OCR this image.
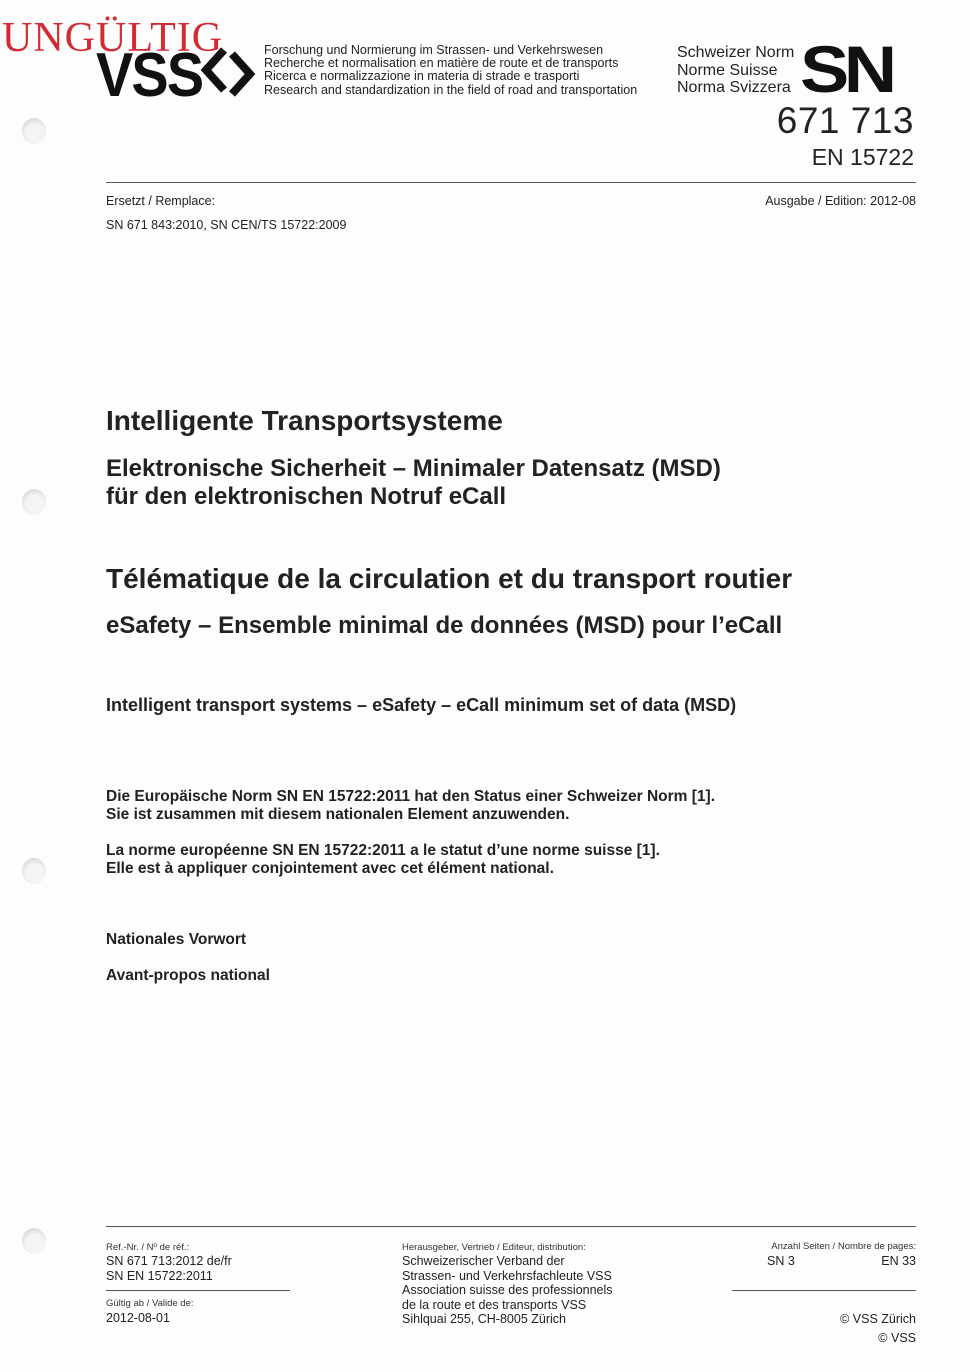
UNGÜLTIG
VSS	Forschung und Normierung im Strassen- und Verkehrswesen
Recherche et normalisation en matière de route et de transports
Ricerca e normalizzazione in materia di strade e trasporti
Research and standardization in the field of road and transportation
Schweizer Norm
Norme Suisse
Norma Svizzera SN
671 713
EN 15722
Ersetzt / Remplace:
SN 671 843:2010, SN CEN/TS 15722:2009
Ausgabe / Edition: 2012-08
Intelligente Transportsysteme
Elektronische Sicherheit – Minimaler Datensatz (MSD)
für den elektronischen Notruf eCall
Télématique de la circulation et du transport routier
eSafety – Ensemble minimal de données (MSD) pour l’eCall
Intelligent transport systems – eSafety – eCall minimum set of data (MSD)
Die Europäische Norm SN EN 15722:2011 hat den Status einer Schweizer Norm [1].
Sie ist zusammen mit diesem nationalen Element anzuwenden.
La norme européenne SN EN 15722:2011 a le statut d’une norme suisse [1].
Elle est à appliquer conjointement avec cet élément national.
Nationales Vorwort
Avant-propos national
Ref.-Nr. / Nº de réf.:
SN 671 713:2012 de/fr
SN EN 15722:2011
Gültig ab / Valide de:
2012-08-01
Herausgeber, Vertrieb / Editeur, distribution:
Schweizerischer Verband der
Strassen- und Verkehrsfachleute VSS
Association suisse des professionnels
de la route et des transports VSS
Sihlquai 255, CH-8005 Zürich
Anzahl Seiten / Nombre de pages:
SN 3	EN 33
© VSS Zürich
© VSS
